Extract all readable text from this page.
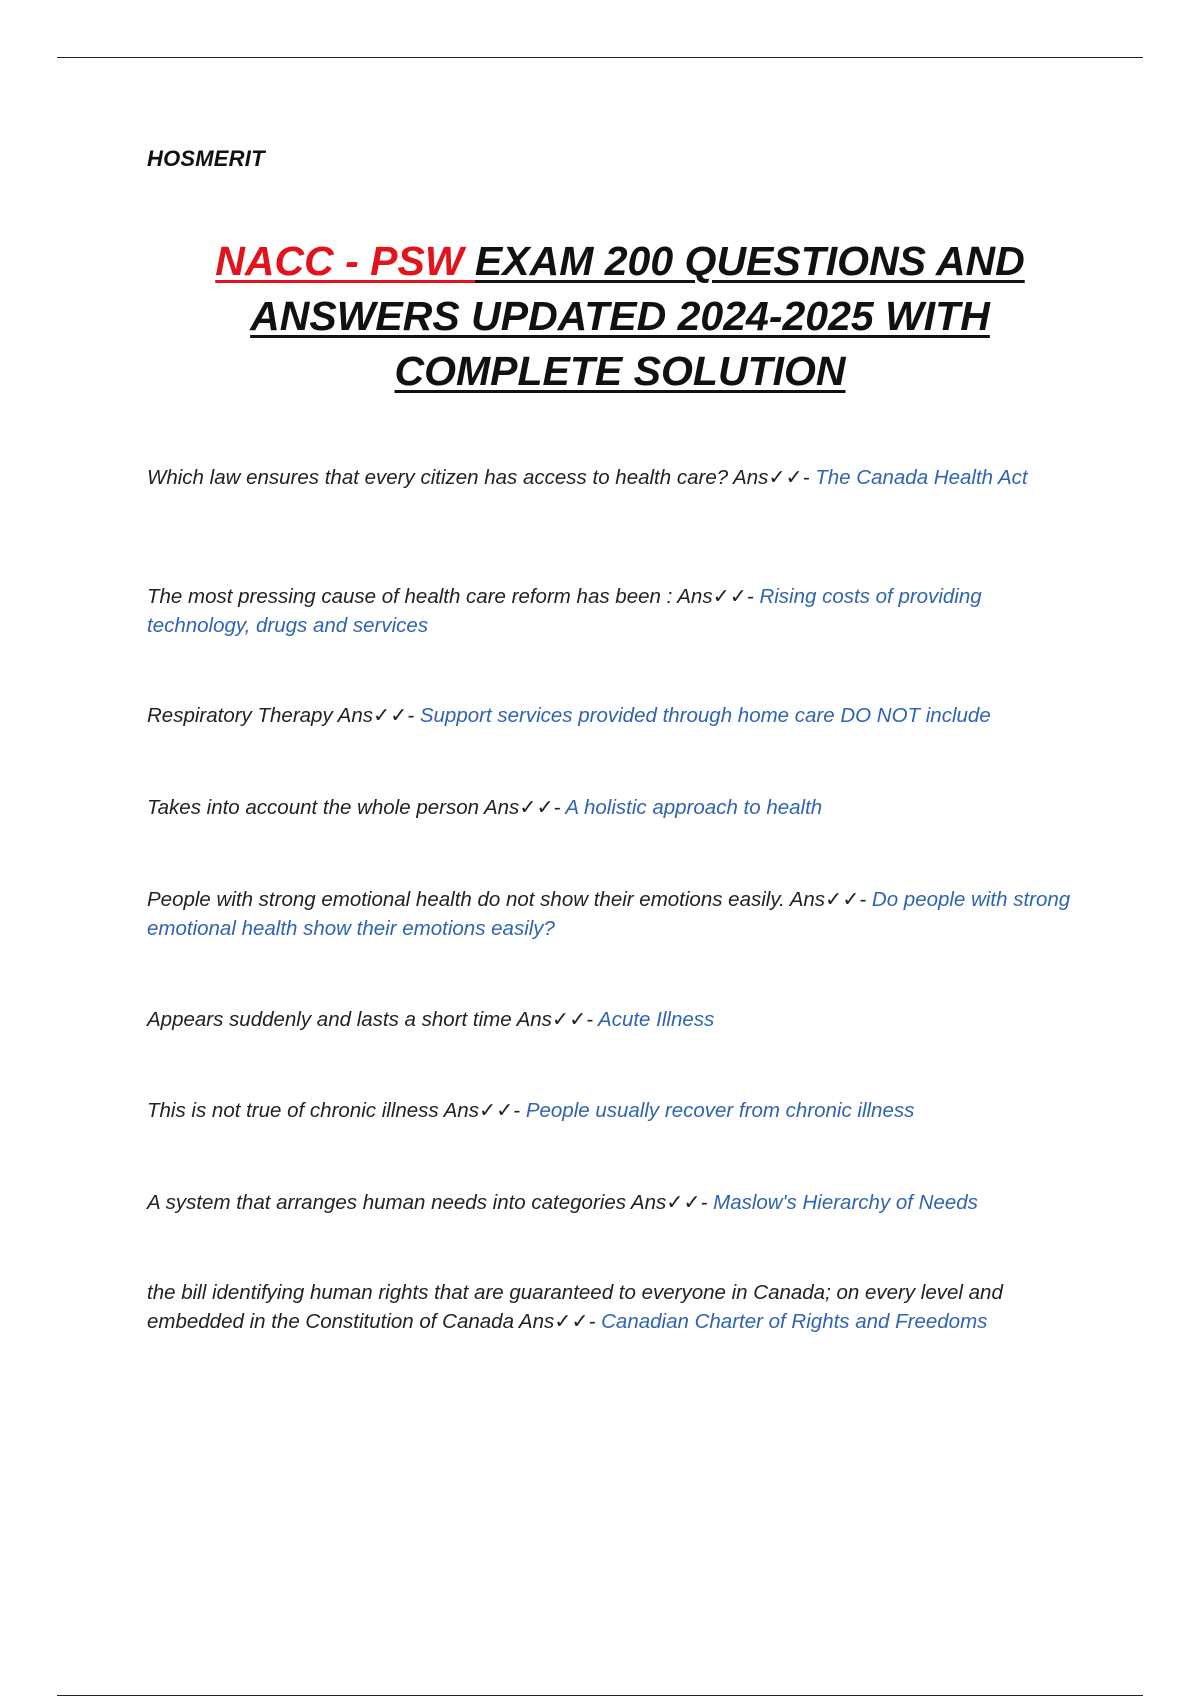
HOSMERIT
NACC - PSW EXAM 200 QUESTIONS AND ANSWERS UPDATED 2024-2025 WITH COMPLETE SOLUTION
Which law ensures that every citizen has access to health care? Ans✓✓- The Canada Health Act
The most pressing cause of health care reform has been : Ans✓✓- Rising costs of providing technology, drugs and services
Respiratory Therapy Ans✓✓- Support services provided through home care DO NOT include
Takes into account the whole person Ans✓✓- A holistic approach to health
People with strong emotional health do not show their emotions easily. Ans✓✓- Do people with strong emotional health show their emotions easily?
Appears suddenly and lasts a short time Ans✓✓- Acute Illness
This is not true of chronic illness Ans✓✓- People usually recover from chronic illness
A system that arranges human needs into categories Ans✓✓- Maslow's Hierarchy of Needs
the bill identifying human rights that are guaranteed to everyone in Canada; on every level and embedded in the Constitution of Canada Ans✓✓- Canadian Charter of Rights and Freedoms
